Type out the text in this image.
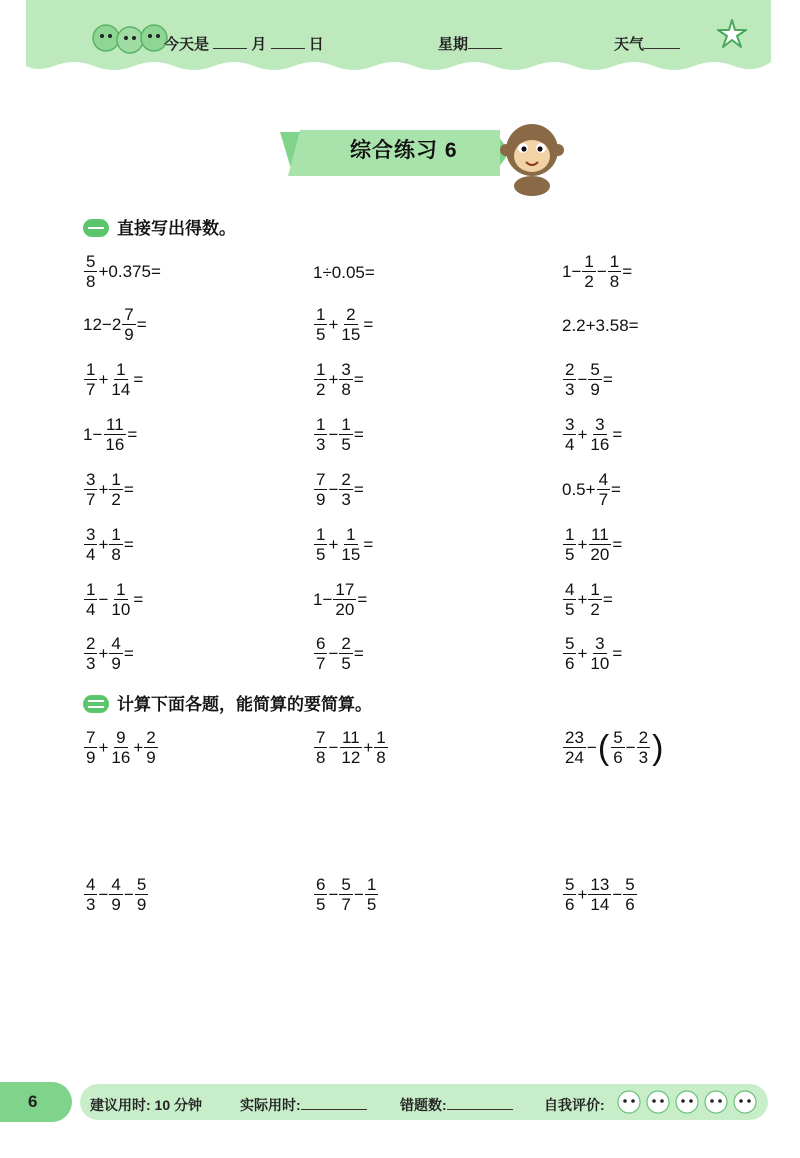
今天是	月	日	星期	天气
综合练习 6
直接写出得数。
$\frac{5}{8} +0.375=$	1÷0.05=	$1- \frac{1}{2} - \frac{1}{8}$ =
$12-2 \frac{7}{9}$ =	$\frac{1}{5} + \frac{2}{15}$ =	2.2+3.58=
$\frac{1}{7} + \frac{1}{14}$ =	$\frac{1}{2} + \frac{3}{8}$ =	$\frac{2}{3} - \frac{5}{9}$ =
$1- \frac{11}{16}$ =	$\frac{1}{3} - \frac{1}{5}$ =	$\frac{3}{4} + \frac{3}{16}$ =
$\frac{3}{7} + \frac{1}{2}$ =	$\frac{7}{9} - \frac{2}{3}$ =	$0.5+ \frac{4}{7}$ =
$\frac{3}{4} + \frac{1}{8}$ =	$\frac{1}{5} + \frac{1}{15}$ =	$\frac{1}{5} + \frac{11}{20}$ =
$\frac{1}{4} - \frac{1}{10}$ =	$1- \frac{17}{20}$ =	$\frac{4}{5} + \frac{1}{2}$ =
$\frac{2}{3} + \frac{4}{9}$ =	$\frac{6}{7} - \frac{2}{5}$ =	$\frac{5}{6} + \frac{3}{10}$ =
计算下面各题，能简算的要简算。
$\frac{7}{9} + \frac{9}{16} + \frac{2}{9}$	$\frac{7}{8} - \frac{11}{12} + \frac{1}{8}$	$\frac{23}{24}$ − ( $\frac{5}{6} - \frac{2}{3}$ )
$\frac{4}{3} - \frac{4}{9} - \frac{5}{9}$	$\frac{6}{5} - \frac{5}{7} - \frac{1}{5}$	$\frac{5}{6} + \frac{13}{14} - \frac{5}{6}$
6	建议用时: 10 分钟	实际用时:	错题数:	自我评价:
